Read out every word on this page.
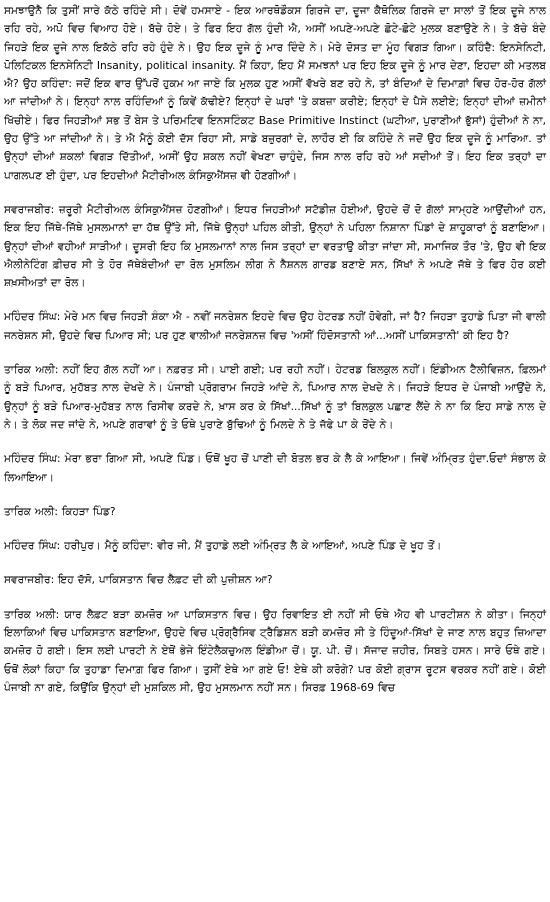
ਸਮਝਾਉਨੈ ਕਿ ਤੁਸੀਂ ਸਾਰੇ ਕੱਠੇ ਰਹਿੰਦੇ ਸੀ। ਦੋਵੇਂ ਹਮਸਾਏ - ਇਕ ਆਰਥੋਡੌਕਸ ਗਿਰਜੇ ਦਾ, ਦੂਜਾ ਕੈਥੋਲਿਕ ਗਿਰਜੇ ਦਾ ਸਾਲਾਂ ਤੋਂ ਇਕ ਦੂਜੇ ਨਾਲ ਰਹਿ ਰਹੇ, ਅਪੋ ਵਿਚ ਵਿਆਹ ਹੋਏ। ਬੱਚੇ ਹੋਏ। ਤੇ ਫਿਰ ਇਹ ਗੱਲ ਹੁੰਦੀ ਐ, ਅਸੀਂ ਅਪਣੇ-ਅਪਣੇ ਛੋਟੇ-ਛੋਟੇ ਮੁਲਕ ਬਣਾਉਣੇ ਨੇ। ਤੇ ਬੱਚੇ ਬੰਦੇ ਜਿਹੜੇ ਇਕ ਦੂਜੇ ਨਾਲ ਇਕੱਠੇ ਰਹਿ ਰਹੇ ਹੁੰਦੇ ਨੇ। ਉਹ ਇਕ ਦੂਜੇ ਨੂੰ ਮਾਰ ਦਿੰਦੇ ਨੇ। ਮੇਰੇ ਦੋਸਤ ਦਾ ਮੂੰਹ ਵਿਗੜ ਗਿਆ। ਕਹਿੰਦੈ: ਇਨਸੇਨਿਟੀ, ਪੋਲਿਟਿਕਲ ਇਨਸੇਨਿਟੀ Insanity, political insanity. ਮੈਂ ਕਿਹਾ, ਇਹ ਮੈਂ ਸਮਝਨਾਂ ਪਰ ਇਹ ਇਕ ਦੂਜੇ ਨੂੰ ਮਾਰ ਦੇਣਾ, ਇਹਦਾ ਕੀ ਮਤਲਬ ਐ? ਉਹ ਕਹਿੰਦਾ: ਜਦੋਂ ਇਕ ਵਾਰ ਉੱਪਰੋਂ ਹੁਕਮ ਆ ਜਾਏ ਕਿ ਮੁਲਕ ਹੁਣ ਅਸੀਂ ਵੱਖਰੇ ਬਣ ਰਹੇ ਨੇ, ਤਾਂ ਬੰਦਿਆਂ ਦੇ ਦਿਮਾਗ਼ਾਂ ਵਿਚ ਹੋਰ-ਹੋਰ ਗੱਲਾਂ ਆ ਜਾਂਦੀਆਂ ਨੇ। ਇਨ੍ਹਾਂ ਨਾਲ ਰਹਿੰਦਿਆਂ ਨੂੰ ਕਿਵੇਂ ਕੱਢੀਏ? ਇਨ੍ਹਾਂ ਦੇ ਘਰਾਂ 'ਤੇ ਕਬਜ਼ਾ ਕਰੀਏ; ਇਨ੍ਹਾਂ ਦੇ ਪੈਸੇ ਲਈਏ; ਇਨ੍ਹਾਂ ਦੀਆਂ ਜ਼ਮੀਨਾਂ ਖਿੱਚੀਏ। ਫਿਰ ਜਿਹੜੀਆਂ ਸਭ ਤੋਂ ਬੇਸ ਤੇ ਪਰਿਮਟਿਵ ਇਨਸਟਿੰਕਟ Base Primitive Instinct (ਘਟੀਆ, ਪੁਰਾਣੀਆਂ ਭੁੱਸਾਂ) ਹੁੰਦੀਆਂ ਨੇ ਨਾ, ਉਹ ਉੱਤੇ ਆ ਜਾਂਦੀਆਂ ਨੇ। ਤੇ ਐ ਮੈਨੂੰ ਕੋਈ ਦੱਸ ਰਿਹਾ ਸੀ, ਸਾਡੇ ਬਜ਼ੁਰਗਾਂ ਦੇ, ਲਾਹੌਰ ਈ ਕਿ ਕਹਿੰਦੇ ਨੇ ਜਦੋਂ ਉਹ ਇਕ ਦੂਜੇ ਨੂੰ ਮਾਰਿਆ. ਤਾਂ ਉਨ੍ਹਾਂ ਦੀਆਂ ਸ਼ਕਲਾਂ ਵਿਗੜ ਦਿੱਤੀਆਂ, ਅਸੀਂ ਉਹ ਸ਼ਕਲ ਨਹੀਂ ਵੇਖਣਾ ਚਾਹੁੰਦੇ, ਜਿਸ ਨਾਲ ਰਹਿ ਰਹੇ ਆਂ ਸਦੀਆਂ ਤੋਂ। ਇਹ ਇਕ ਤਰ੍ਹਾਂ ਦਾ ਪਾਗਲਪਣ ਈ ਹੁੰਦਾ, ਪਰ ਇਹਦੀਆਂ ਮੈਟੀਰੀਅਲ ਕੰਸਿਕੁਐਂਸਜ਼ ਵੀ ਹੋਣਗੀਆਂ।

ਸਵਰਾਜਬੀਰ: ਜ਼ਰੂਰੀ ਮੈਟੀਰੀਅਲ ਕੰਸਿਕੁਐਂਸਜ਼ ਹੋਣਗੀਆਂ। ਇਧਰ ਜਿਹੜੀਆਂ ਸਟੱਡੀਜ਼ ਹੋਈਆਂ, ਉਹਦੇ ਚੋਂ ਦੋ ਗੱਲਾਂ ਸਾਮ੍ਹਣੇ ਆਉਂਦੀਆਂ ਹਨ, ਇਕ ਇਹ ਜਿੱਥੇ-ਜਿੱਥੇ ਮੁਸਲਮਾਨਾਂ ਦਾ ਹੱਥ ਉੱਤੇ ਸੀ, ਜਿੱਥੇ ਉਨ੍ਹਾਂ ਪਹਿਲ ਕੀਤੀ, ਉਨ੍ਹਾਂ ਨੇ ਪਹਿਲਾ ਨਿਸ਼ਾਨਾ ਪਿੰਡਾਂ ਦੇ ਸ਼ਾਹੂਕਾਰਾਂ ਨੂੰ ਬਣਾਇਆ। ਉਨ੍ਹਾਂ ਦੀਆਂ ਵਹੀਆਂ ਸਾੜੀਆਂ। ਦੂਸਰੀ ਇਹ ਕਿ ਮੁਸਲਮਾਨਾਂ ਨਾਲ ਜਿਸ ਤਰ੍ਹਾਂ ਦਾ ਵਰਤਾਉ ਕੀਤਾ ਜਾਂਦਾ ਸੀ, ਸਮਾਜਿਕ ਤੌਰ 'ਤੇ, ਉਹ ਵੀ ਇਕ ਐਲੀਨੇਟਿੰਗ ਫ਼ੀਚਰ ਸੀ ਤੇ ਹੋਰ ਜੱਥੇਬੰਦੀਆਂ ਦਾ ਰੋਲ ਮੁਸਲਿਮ ਲੀਗ ਨੇ ਨੈਸ਼ਨਲ ਗਾਰਡ ਬਣਾਏ ਸਨ, ਸਿੱਖਾਂ ਨੇ ਅਪਣੇ ਜੱਥੇ ਤੇ ਫਿਰ ਹੋਰ ਕਈ ਸ਼ਖ਼ਸੀਅਤਾਂ ਦਾ ਰੋਲ।

ਮਹਿੰਦਰ ਸਿੰਘ: ਮੇਰੇ ਮਨ ਵਿਚ ਜਿਹੜੀ ਸ਼ੰਕਾ ਐ - ਨਵੀਂ ਜਨਰੇਸ਼ਨ ਇਹਦੇ ਵਿਚ ਉਹ ਹੇਟਰਡ ਨਹੀਂ ਹੋਵੇਗੀ, ਜਾਂ ਹੈ? ਜਿਹੜਾ ਤੁਹਾਡੇ ਪਿਤਾ ਜੀ ਵਾਲੀ ਜਨਰੇਸ਼ਨ ਸੀ, ਉਹਦੇ ਵਿਚ ਪਿਆਰ ਸੀ; ਪਰ ਹੁਣ ਵਾਲੀਆਂ ਜਨਰੇਸ਼ਨਜ਼ ਵਿਚ 'ਅਸੀਂ ਹਿੰਦੋਸਤਾਨੀ ਆਂ...ਅਸੀਂ ਪਾਕਿਸਤਾਨੀ' ਕੀ ਇਹ ਹੈ?

ਤਾਰਿਕ ਅਲੀ: ਨਹੀਂ ਇਹ ਗੱਲ ਨਹੀਂ ਆ। ਨਫ਼ਰਤ ਸੀ। ਪਾਈ ਗਈ; ਪਰ ਰਹੀ ਨਹੀਂ। ਹੇਟਰਡ ਬਿਲਕੁਲ ਨਹੀਂ। ਇੰਡੀਅਨ ਟੈਲੀਵਿਜ਼ਨ, ਫ਼ਿਲਮਾਂ ਨੂੰ ਬੜੇ ਪਿਆਰ, ਮੁਹੱਬਤ ਨਾਲ ਦੇਖਦੇ ਨੇ। ਪੰਜਾਬੀ ਪ੍ਰੋਗਰਾਮ ਜਿਹੜੇ ਆਂਦੇ ਨੇ, ਪਿਆਰ ਨਾਲ ਦੇਖਦੇ ਨੇ। ਜਿਹੜੇ ਇਧਰ ਦੇ ਪੰਜਾਬੀ ਆਉਂਦੇ ਨੇ, ਉਨ੍ਹਾਂ ਨੂੰ ਬੜੇ ਪਿਆਰ-ਮੁਹੱਬਤ ਨਾਲ ਰਿਸੀਵ ਕਰਦੇ ਨੇ, ਖ਼ਾਸ ਕਰ ਕੇ ਸਿੱਖਾਂ...ਸਿੱਖਾਂ ਨੂੰ ਤਾਂ ਬਿਲਕੁਲ ਪਛਾਣ ਲੈਂਦੇ ਨੇ ਨਾ ਕਿ ਇਹ ਸਾਡੇ ਨਾਲ ਦੇ ਨੇ। ਤੇ ਲੋਕ ਜਦ ਜਾਂਦੇ ਨੇ, ਅਪਣੇ ਗਰਾਵਾਂ ਨੂੰ ਤੇ ਓਥੇ ਪੁਰਾਣੇ ਬੁੱਢਿਆਂ ਨੂੰ ਮਿਲਦੇ ਨੇ ਤੇ ਜੱਫੇ ਪਾ ਕੇ ਰੋਂਦੇ ਨੇ।

ਮਹਿੰਦਰ ਸਿੰਘ: ਮੇਰਾ ਭਰਾ ਗਿਆ ਸੀ, ਅਪਣੇ ਪਿੰਡ। ਓਥੋਂ ਖੂਹ ਚੋਂ ਪਾਣੀ ਦੀ ਬੋਤਲ ਭਰ ਕੇ ਲੈ ਕੇ ਆਇਆ। ਜਿਵੇਂ ਅੰਮ੍ਰਿਤ ਹੁੰਦਾ.ਓਦਾਂ ਸੰਭਾਲ ਕੇ ਲਿਆਇਆ।

ਤਾਰਿਕ ਅਲੀ: ਕਿਹੜਾ ਪਿੰਡ?

ਮਹਿੰਦਰ ਸਿੰਘ: ਹਰੀਪੁਰ। ਮੈਨੂੰ ਕਹਿੰਦਾ: ਵੀਰ ਜੀ, ਮੈਂ ਤੁਹਾਡੇ ਲਈ ਅੰਮ੍ਰਿਤ ਲੈ ਕੇ ਆਇਆਂ, ਅਪਣੇ ਪਿੰਡ ਦੇ ਖੂਹ ਤੋਂ।

ਸਵਰਾਜਬੀਰ: ਇਹ ਦੱਸੋ, ਪਾਕਿਸਤਾਨ ਵਿਚ ਲੈਫ਼ਟ ਦੀ ਕੀ ਪੁਜ਼ੀਸ਼ਨ ਆ?

ਤਾਰਿਕ ਅਲੀ: ਯਾਰ ਲੈਫ਼ਟ ਬੜਾ ਕਮਜ਼ੋਰ ਆ ਪਾਕਿਸਤਾਨ ਵਿਚ। ਉਹ ਰਿਵਾਇਤ ਈ ਨਹੀਂ ਸੀ ਓਥੇ ਐਹ ਵੀ ਪਾਰਟੀਸ਼ਨ ਨੇ ਕੀਤਾ। ਜਿਨ੍ਹਾਂ ਇਲਾਕਿਆਂ ਵਿਚ ਪਾਕਿਸਤਾਨ ਬਣਾਇਆ, ਉਹਦੇ ਵਿਚ ਪ੍ਰੋਗ੍ਰੈਸਿਵ ਟ੍ਰੈਡਿਸ਼ਨ ਬੜੀ ਕਮਜ਼ੋਰ ਸੀ ਤੇ ਹਿੰਦੂਆਂ-ਸਿੱਖਾਂ ਦੇ ਜਾਣ ਨਾਲ ਬਹੁਤ ਜ਼ਿਆਦਾ ਕਮਜ਼ੋਰ ਹੋ ਗਈ। ਇਸ ਲਈ ਪਾਰਟੀ ਨੇ ਏਥੋਂ ਭੇਜੇ ਇੰਟੇਲੈਕਚੁਅਲ ਇੰਡੀਆ ਚੋਂ। ਯੂ. ਪੀ. ਚੋਂ। ਸੱਜਾਦ ਜ਼ਹੀਰ, ਸਿਬਤੇ ਹਸਨ। ਸਾਰੇ ਓਥੇ ਗਏ। ਓਥੋਂ ਲੋਕਾਂ ਕਿਹਾ ਕਿ ਤੁਹਾਡਾ ਦਿਮਾਗ਼ ਫਿਰ ਗਿਆ। ਤੁਸੀਂ ਏਥੇ ਆ ਗਏ ਓ! ਏਥੇ ਕੀ ਕਰੋਗੇ? ਪਰ ਕੋਈ ਗ੍ਰਾਸ ਰੂਟਸ ਵਰਕਰ ਨਹੀਂ ਗਏ। ਕੋਈ ਪੰਜਾਬੀ ਨਾ ਗਏ, ਕਿਉਂਕਿ ਉਨ੍ਹਾਂ ਦੀ ਮੁਸ਼ਕਿਲ ਸੀ, ਉਹ ਮੁਸਲਮਾਨ ਨਹੀਂ ਸਨ। ਸਿਰਫ਼ 1968-69 ਵਿਚ
